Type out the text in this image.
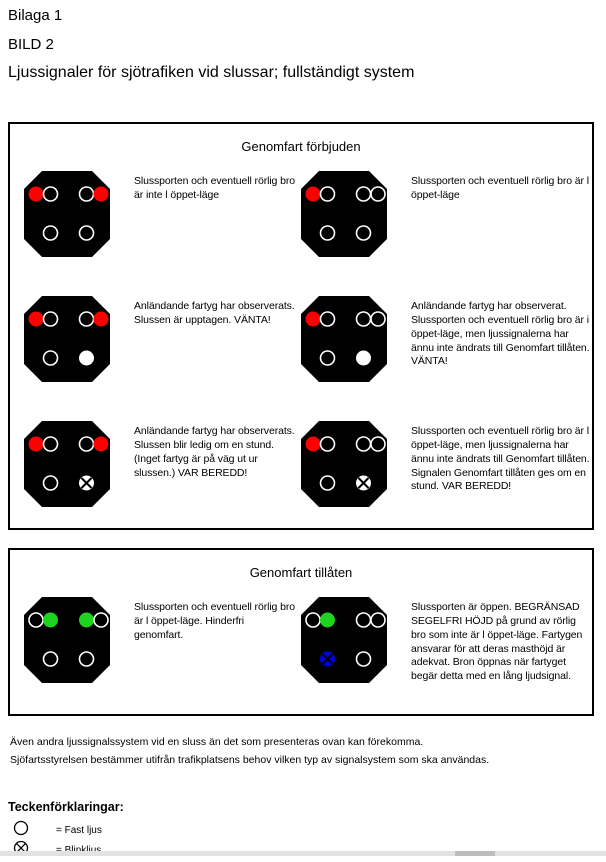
Bilaga 1
BILD 2
Ljussignaler för sjötrafiken vid slussar; fullständigt system
Genomfart förbjuden
Slussporten och eventuell rörlig bro är inte l öppet-läge
Slussporten och eventuell rörlig bro är l öppet-läge
Anländande fartyg har observerats. Slussen är upptagen. VÄNTA!
Anländande fartyg har observerat. Slussporten och eventuell rörlig bro är i öppet-läge, men ljussignalerna har ännu inte ändrats till Genomfart tillåten. VÄNTA!
Anländande fartyg har observerats. Slussen blir ledig om en stund. (Inget fartyg är på väg ut ur slussen.) VAR BEREDD!
Slussporten och eventuell rörlig bro är l öppet-läge, men ljussignalerna har ännu inte ändrats till Genomfart tillåten. Signalen Genomfart tillåten ges om en stund. VAR BEREDD!
Genomfart tillåten
Slussporten och eventuell rörlig bro är l öppet-läge. Hinderfri genomfart.
Slussporten är öppen. BEGRÄNSAD SEGELFRI HÖJD på grund av rörlig bro som inte är l öppet-läge. Fartygen ansvarar för att deras masthöjd är adekvat. Bron öppnas när fartyget begär detta med en lång ljudsignal.
Även andra ljussignalssystem vid en sluss än det som presenteras ovan kan förekomma.
Sjöfartsstyrelsen bestämmer utifrån trafikplatsens behov vilken typ av signalsystem som ska användas.
Teckenförklaringar:
= Fast ljus
